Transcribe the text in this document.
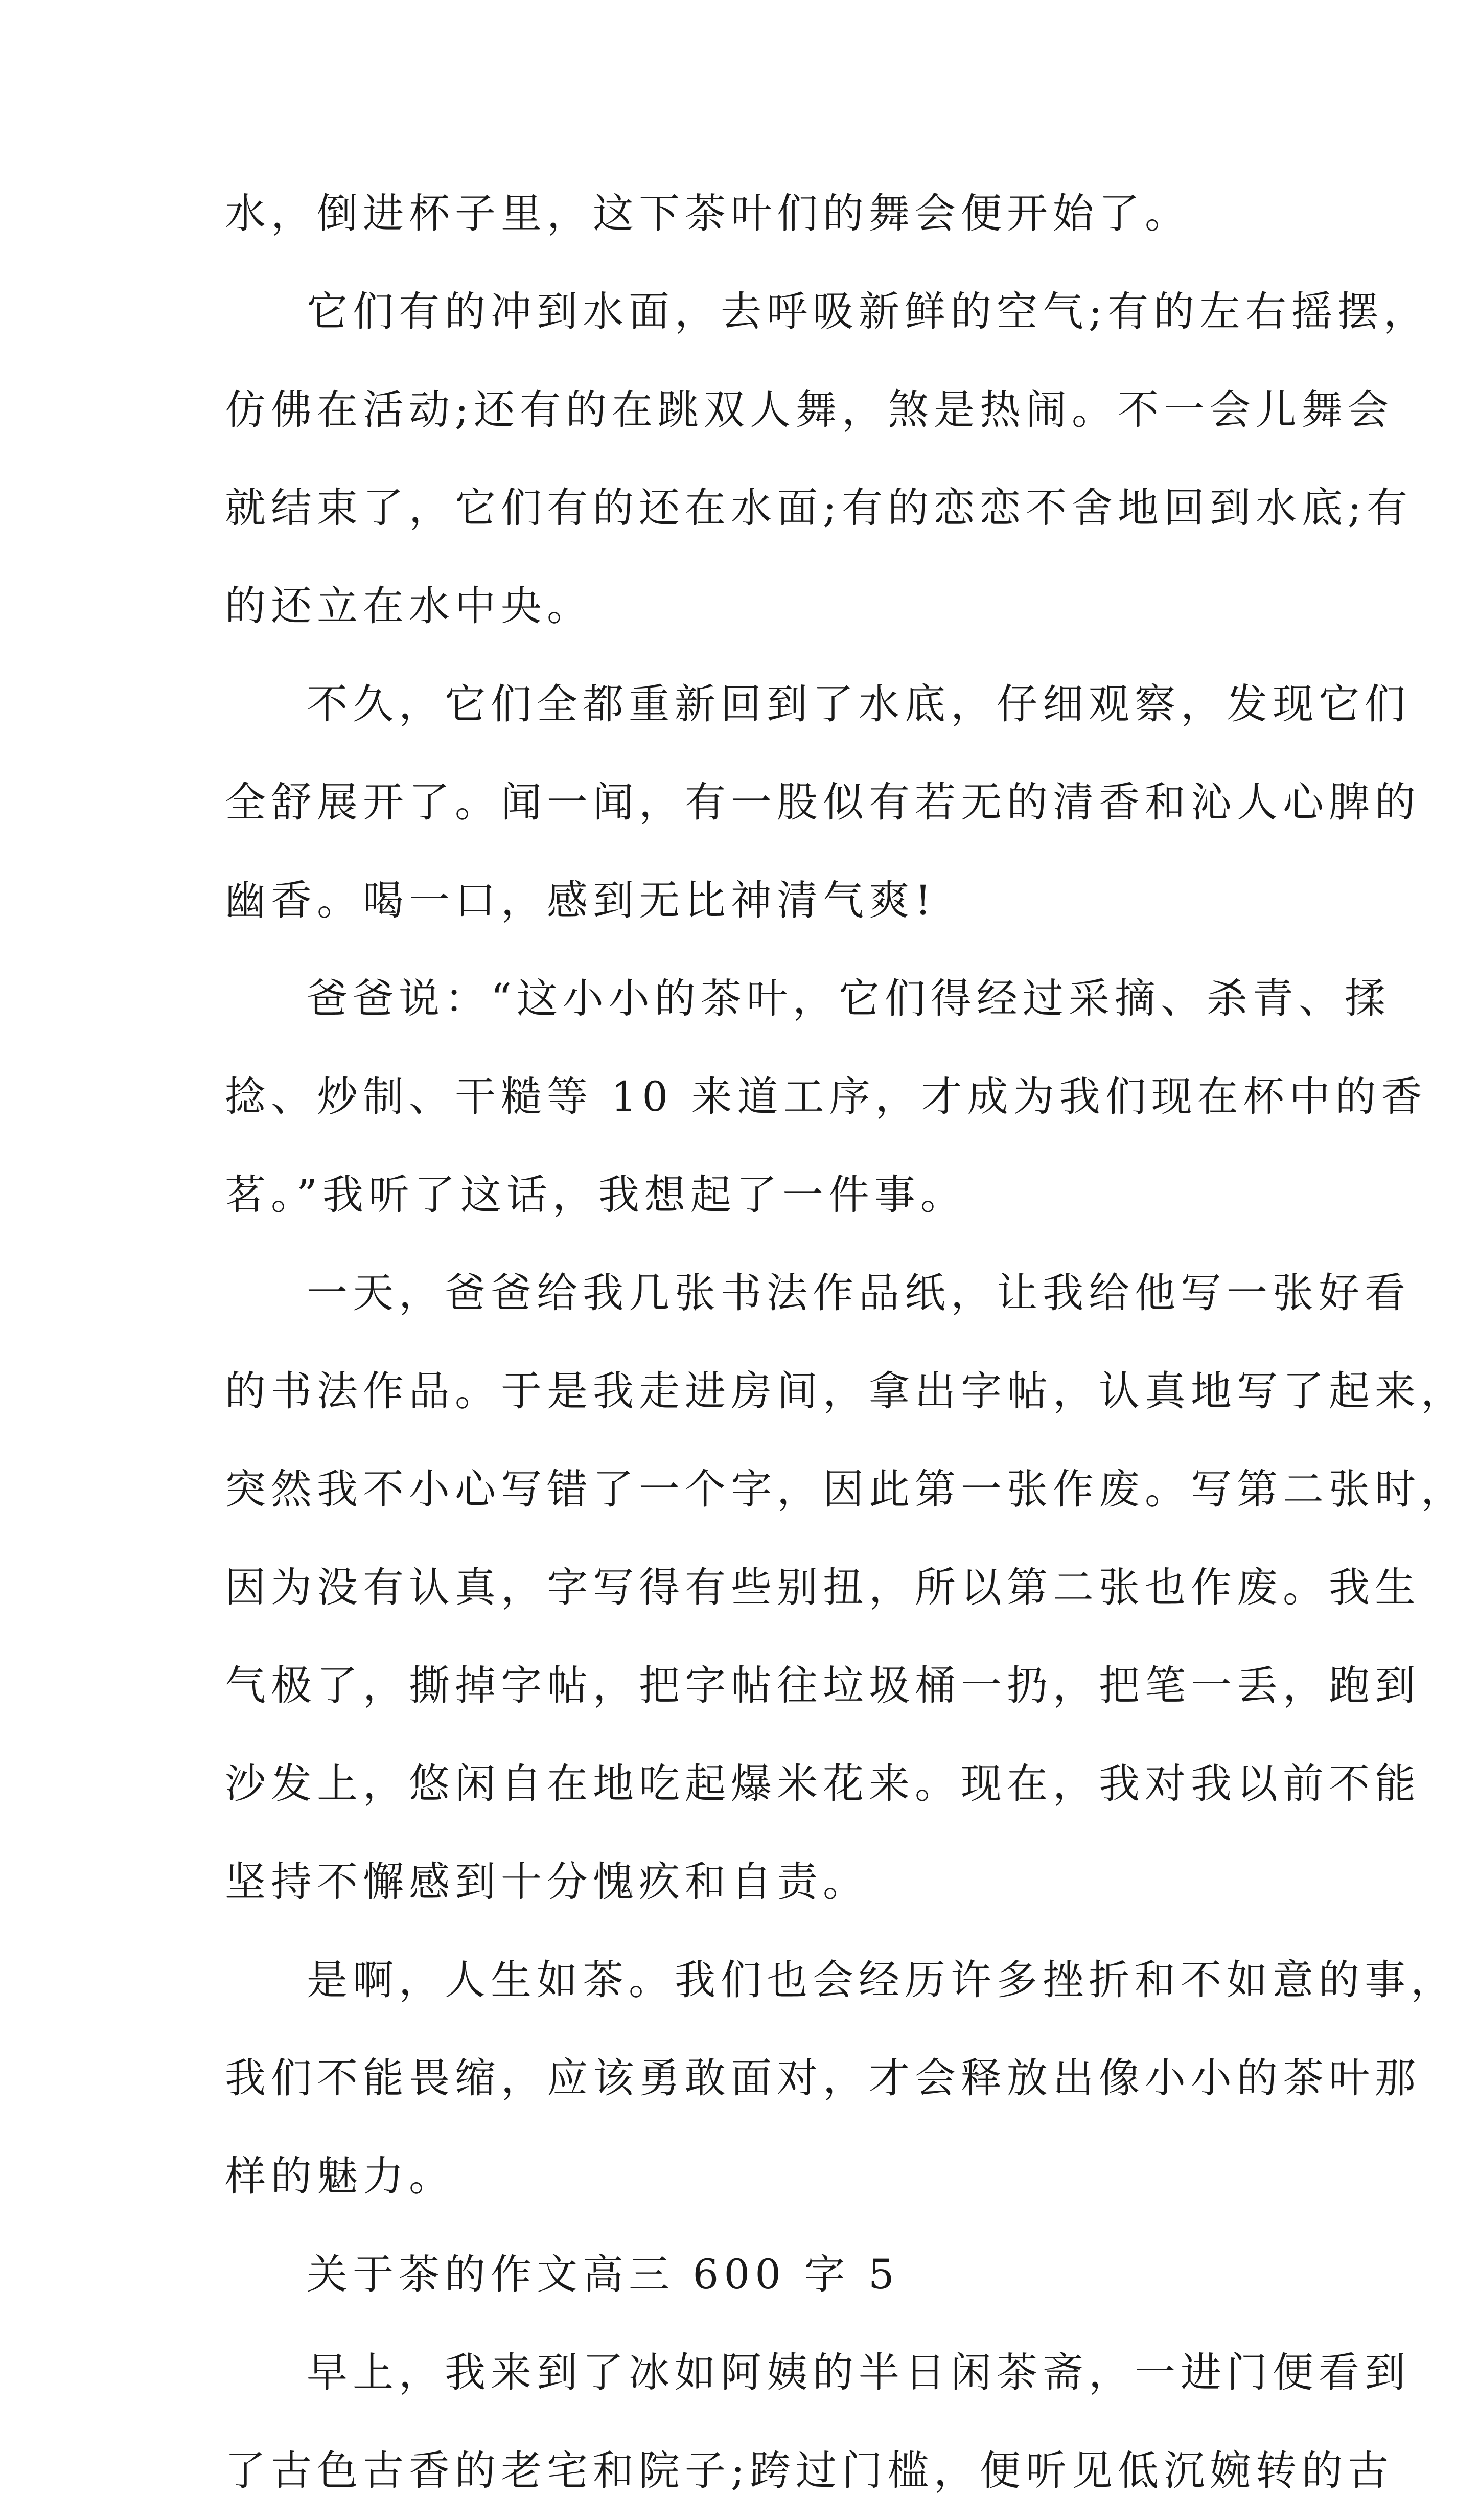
水，倒进杯子里，这下茶叶们的舞会便开始了。
它们有的冲到水面，去呼吸新鲜的空气;有的左右摇摆，
仿佛在活动;还有的在跳双人舞，煞是热闹。不一会儿舞会
就结束了，它们有的还在水面;有的恋恋不舍地回到水底;有
的还立在水中央。
不久，它们全都重新回到了水底，仔细观察，发现它们
全舒展开了。闻一闻，有一股似有若无的清香和沁人心脾的
幽香。喝一口，感到无比神清气爽!
爸爸说：“这小小的茶叶，它们得经过采摘、杀青、揉
捻、炒制、干糙等 10 来道工序，才成为我们现在杯中的香
茗。”我听了这话，我想起了一件事。
一天，爸爸给我几张书法作品纸，让我给他写一张好看
的书法作品。于是我走进房间，拿出字帖，认真地写了起来，
突然我不小心写错了一个字，因此第一张作废。写第二张时，
因为没有认真，字写得有些别扭，所以第二张也作废。我生
气极了，撕掉字帖，把字帖往垃圾桶一扔，把笔一丢，跑到
沙发上，悠闲自在地吃起爆米花来。现在，我对我以前不能
坚持不懈感到十分愧疚和自责。
是啊，人生如茶。我们也会经历许多挫折和不如意的事，
我们不能畏缩，应该勇敢面对，才会释放出像小小的茶叶那
样的魅力。
关于茶的作文高三 600 字 5
早上，我来到了冰如阿姨的半日闲茶斋，一进门便看到
了古色古香的老宅和院子;跨过门槛，便听见低沉婉转的古
